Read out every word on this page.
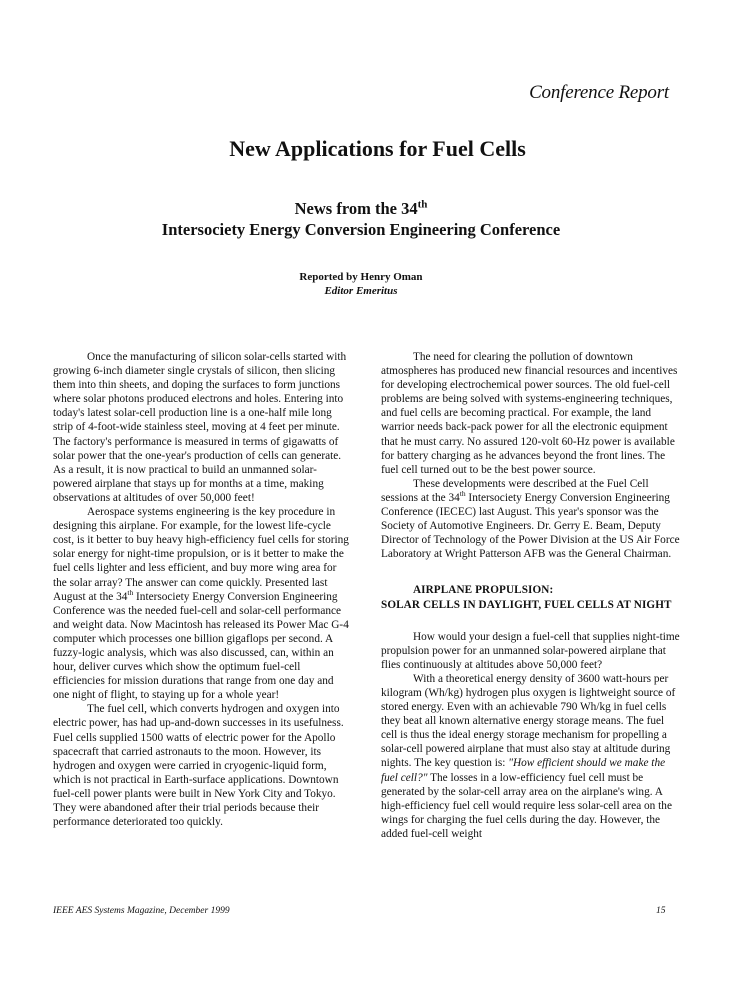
Conference Report
New Applications for Fuel Cells
News from the 34th
Intersociety Energy Conversion Engineering Conference
Reported by Henry Oman
Editor Emeritus

Once the manufacturing of silicon solar-cells started with growing 6-inch diameter single crystals of silicon, then slicing them into thin sheets, and doping the surfaces to form junctions where solar photons produced electrons and holes. Entering into today's latest solar-cell production line is a one-half mile long strip of 4-foot-wide stainless steel, moving at 4 feet per minute. The factory's performance is measured in terms of gigawatts of solar power that the one-year's production of cells can generate. As a result, it is now practical to build an unmanned solar-powered airplane that stays up for months at a time, making observations at altitudes of over 50,000 feet!

Aerospace systems engineering is the key procedure in designing this airplane. For example, for the lowest life-cycle cost, is it better to buy heavy high-efficiency fuel cells for storing solar energy for night-time propulsion, or is it better to make the fuel cells lighter and less efficient, and buy more wing area for the solar array? The answer can come quickly. Presented last August at the 34th Intersociety Energy Conversion Engineering Conference was the needed fuel-cell and solar-cell performance and weight data. Now Macintosh has released its Power Mac G-4 computer which processes one billion gigaflops per second. A fuzzy-logic analysis, which was also discussed, can, within an hour, deliver curves which show the optimum fuel-cell efficiencies for mission durations that range from one day and one night of flight, to staying up for a whole year!

The fuel cell, which converts hydrogen and oxygen into electric power, has had up-and-down successes in its usefulness. Fuel cells supplied 1500 watts of electric power for the Apollo spacecraft that carried astronauts to the moon. However, its hydrogen and oxygen were carried in cryogenic-liquid form, which is not practical in Earth-surface applications. Downtown fuel-cell power plants were built in New York City and Tokyo. They were abandoned after their trial periods because their performance deteriorated too quickly.

The need for clearing the pollution of downtown atmospheres has produced new financial resources and incentives for developing electrochemical power sources. The old fuel-cell problems are being solved with systems-engineering techniques, and fuel cells are becoming practical. For example, the land warrior needs back-pack power for all the electronic equipment that he must carry. No assured 120-volt 60-Hz power is available for battery charging as he advances beyond the front lines. The fuel cell turned out to be the best power source.

These developments were described at the Fuel Cell sessions at the 34th Intersociety Energy Conversion Engineering Conference (IECEC) last August. This year's sponsor was the Society of Automotive Engineers. Dr. Gerry E. Beam, Deputy Director of Technology of the Power Division at the US Air Force Laboratory at Wright Patterson AFB was the General Chairman.

AIRPLANE PROPULSION:
SOLAR CELLS IN DAYLIGHT, FUEL CELLS AT NIGHT

How would your design a fuel-cell that supplies night-time propulsion power for an unmanned solar-powered airplane that flies continuously at altitudes above 50,000 feet?

With a theoretical energy density of 3600 watt-hours per kilogram (Wh/kg) hydrogen plus oxygen is lightweight source of stored energy. Even with an achievable 790 Wh/kg in fuel cells they beat all known alternative energy storage means. The fuel cell is thus the ideal energy storage mechanism for propelling a solar-cell powered airplane that must also stay at altitude during nights. The key question is: "How efficient should we make the fuel cell?" The losses in a low-efficiency fuel cell must be generated by the solar-cell array area on the airplane's wing. A high-efficiency fuel cell would require less solar-cell area on the wings for charging the fuel cells during the day. However, the added fuel-cell weight

IEEE AES Systems Magazine, December 1999	15
